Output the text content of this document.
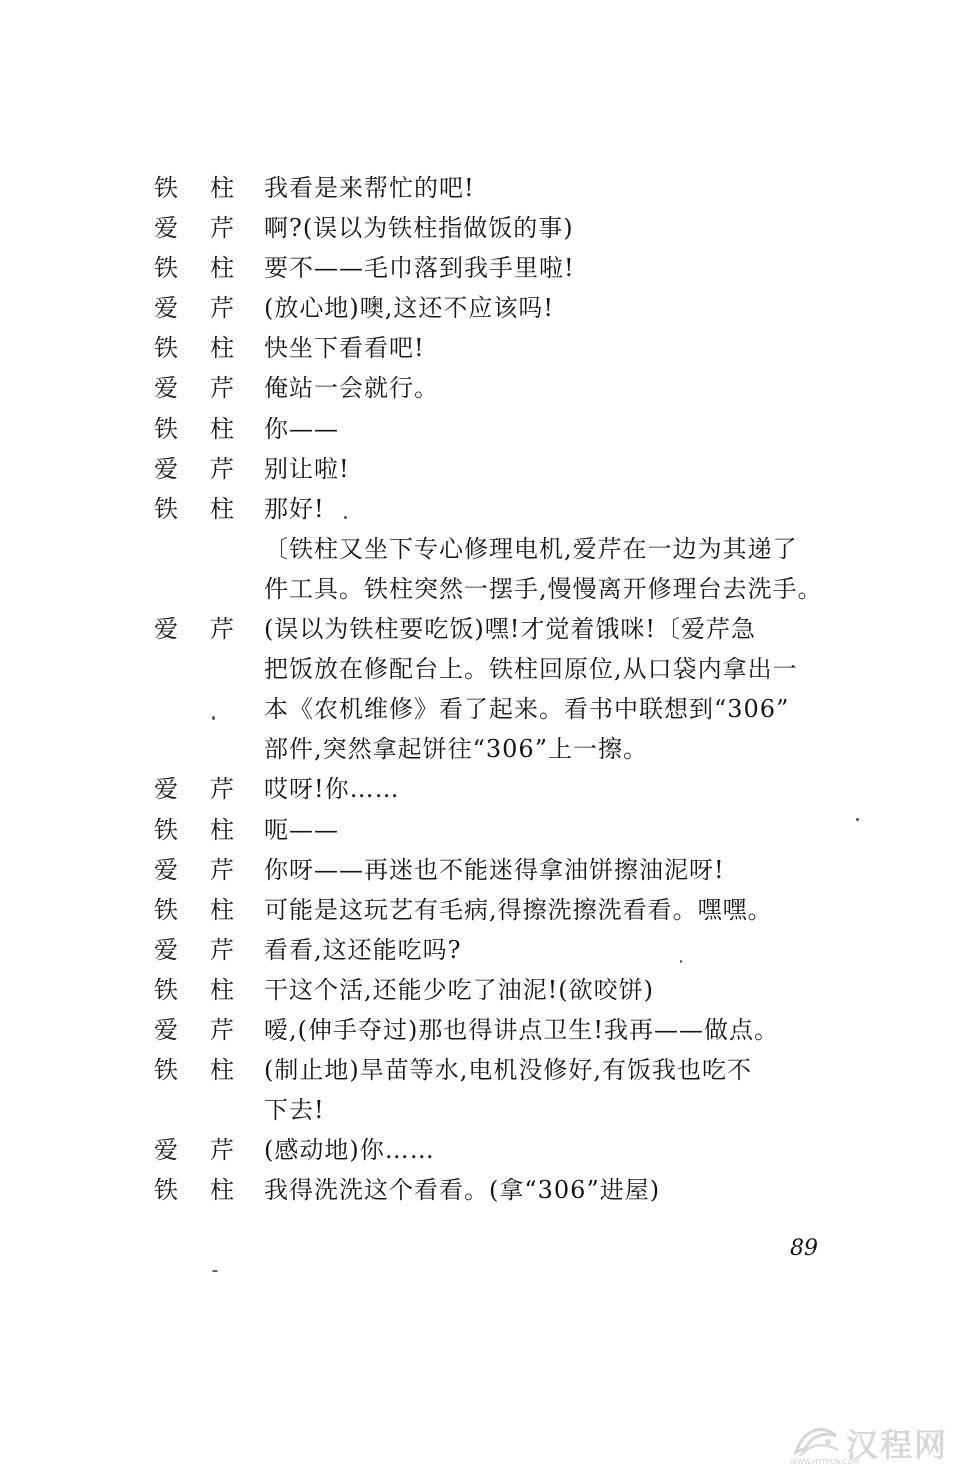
铁 柱 我看是来帮忙的吧!
爱 芹 啊?(误以为铁柱指做饭的事)
铁 柱 要不——毛巾落到我手里啦!
爱 芹 (放心地)噢,这还不应该吗!
铁 柱 快坐下看看吧!
爱 芹 俺站一会就行。
铁 柱 你——
爱 芹 别让啦!
铁 柱 那好!
〔铁柱又坐下专心修理电机,爱芹在一边为其递了
件工具。铁柱突然一摆手,慢慢离开修理台去洗手。
爱 芹 (误以为铁柱要吃饭)嘿!才觉着饿咪!〔爱芹急
把饭放在修配台上。铁柱回原位,从口袋内拿出一
本《农机维修》看了起来。看书中联想到“306”
部件,突然拿起饼往“306”上一擦。
爱 芹 哎呀!你……
铁 柱 呃——
爱 芹 你呀——再迷也不能迷得拿油饼擦油泥呀!
铁 柱 可能是这玩艺有毛病,得擦洗擦洗看看。嘿嘿。
爱 芹 看看,这还能吃吗?
铁 柱 干这个活,还能少吃了油泥!(欲咬饼)
爱 芹 嗳,(伸手夺过)那也得讲点卫生!我再——做点。
铁 柱 (制止地)旱苗等水,电机没修好,有饭我也吃不
下去!
爱 芹 (感动地)你……
铁 柱 我得洗洗这个看看。(拿“306”进屋)
89
汉程网
WWW.HTTPCN.COM
